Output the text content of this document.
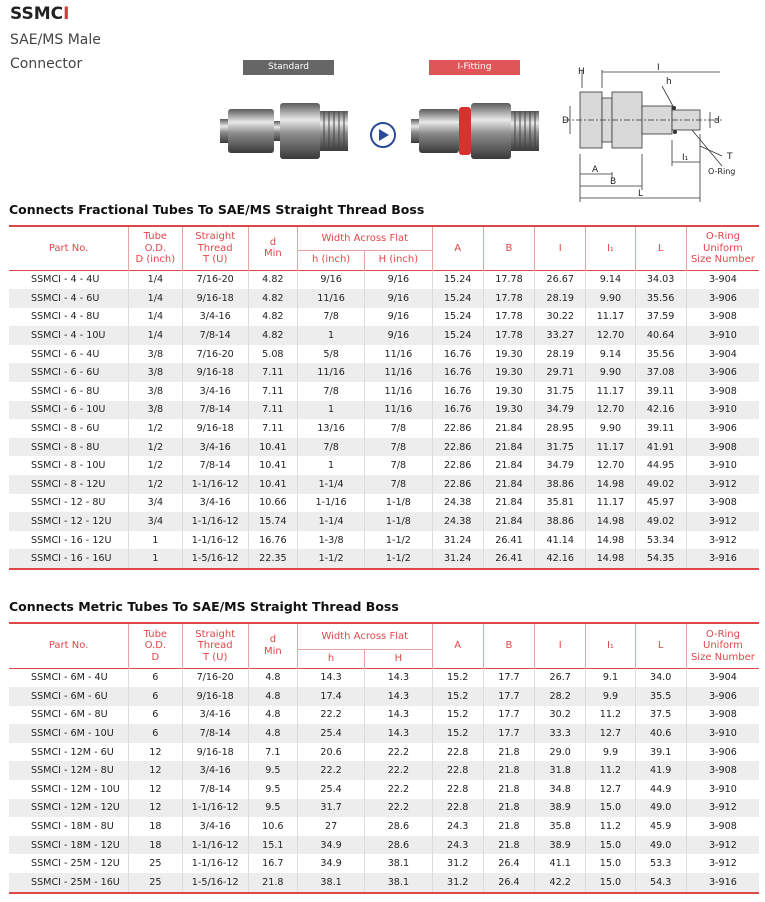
SSMCI
SAE/MS Male
Connector	Standard	I-Fitting	H	I
h
D	d
T
O-Ring
A
B
L
I₁
Connects Fractional Tubes To SAE/MS Straight Thread Boss
Part No.	Tube
O.D.
D (inch)	Straight
Thread
T (U)	d
Min	Width Across Flat		A	B	I	I₁	L	O-Ring
Uniform
Size Number
				h (inch)	H (inch)						
SSMCI - 4 - 4U	1/4	7/16-20	4.82	9/16	9/16	15.24	17.78	26.67	9.14	34.03	3-904
SSMCI - 4 - 6U	1/4	9/16-18	4.82	11/16	9/16	15.24	17.78	28.19	9.90	35.56	3-906
SSMCI - 4 - 8U	1/4	3/4-16	4.82	7/8	9/16	15.24	17.78	30.22	11.17	37.59	3-908
SSMCI - 4 - 10U	1/4	7/8-14	4.82	1	9/16	15.24	17.78	33.27	12.70	40.64	3-910
SSMCI - 6 - 4U	3/8	7/16-20	5.08	5/8	11/16	16.76	19.30	28.19	9.14	35.56	3-904
SSMCI - 6 - 6U	3/8	9/16-18	7.11	11/16	11/16	16.76	19.30	29.71	9.90	37.08	3-906
SSMCI - 6 - 8U	3/8	3/4-16	7.11	7/8	11/16	16.76	19.30	31.75	11.17	39.11	3-908
SSMCI - 6 - 10U	3/8	7/8-14	7.11	1	11/16	16.76	19.30	34.79	12.70	42.16	3-910
SSMCI - 8 - 6U	1/2	9/16-18	7.11	13/16	7/8	22.86	21.84	28.95	9.90	39.11	3-906
SSMCI - 8 - 8U	1/2	3/4-16	10.41	7/8	7/8	22.86	21.84	31.75	11.17	41.91	3-908
SSMCI - 8 - 10U	1/2	7/8-14	10.41	1	7/8	22.86	21.84	34.79	12.70	44.95	3-910
SSMCI - 8 - 12U	1/2	1-1/16-12	10.41	1-1/4	7/8	22.86	21.84	38.86	14.98	49.02	3-912
SSMCI - 12 - 8U	3/4	3/4-16	10.66	1-1/16	1-1/8	24.38	21.84	35.81	11.17	45.97	3-908
SSMCI - 12 - 12U	3/4	1-1/16-12	15.74	1-1/4	1-1/8	24.38	21.84	38.86	14.98	49.02	3-912
SSMCI - 16 - 12U	1	1-1/16-12	16.76	1-3/8	1-1/2	31.24	26.41	41.14	14.98	53.34	3-912
SSMCI - 16 - 16U	1	1-5/16-12	22.35	1-1/2	1-1/2	31.24	26.41	42.16	14.98	54.35	3-916
Connects Metric Tubes To SAE/MS Straight Thread Boss
Part No.	Tube
O.D.
D	Straight
Thread
T (U)	d
Min	Width Across Flat		A	B	I	I₁	L	O-Ring
Uniform
Size Number
				h	H						
SSMCI - 6M - 4U	6	7/16-20	4.8	14.3	14.3	15.2	17.7	26.7	9.1	34.0	3-904
SSMCI - 6M - 6U	6	9/16-18	4.8	17.4	14.3	15.2	17.7	28.2	9.9	35.5	3-906
SSMCI - 6M - 8U	6	3/4-16	4.8	22.2	14.3	15.2	17.7	30.2	11.2	37.5	3-908
SSMCI - 6M - 10U	6	7/8-14	4.8	25.4	14.3	15.2	17.7	33.3	12.7	40.6	3-910
SSMCI - 12M - 6U	12	9/16-18	7.1	20.6	22.2	22.8	21.8	29.0	9.9	39.1	3-906
SSMCI - 12M - 8U	12	3/4-16	9.5	22.2	22.2	22.8	21.8	31.8	11.2	41.9	3-908
SSMCI - 12M - 10U	12	7/8-14	9.5	25.4	22.2	22.8	21.8	34.8	12.7	44.9	3-910
SSMCI - 12M - 12U	12	1-1/16-12	9.5	31.7	22.2	22.8	21.8	38.9	15.0	49.0	3-912
SSMCI - 18M - 8U	18	3/4-16	10.6	27	28.6	24.3	21.8	35.8	11.2	45.9	3-908
SSMCI - 18M - 12U	18	1-1/16-12	15.1	34.9	28.6	24.3	21.8	38.9	15.0	49.0	3-912
SSMCI - 25M - 12U	25	1-1/16-12	16.7	34.9	38.1	31.2	26.4	41.1	15.0	53.3	3-912
SSMCI - 25M - 16U	25	1-5/16-12	21.8	38.1	38.1	31.2	26.4	42.2	15.0	54.3	3-916
